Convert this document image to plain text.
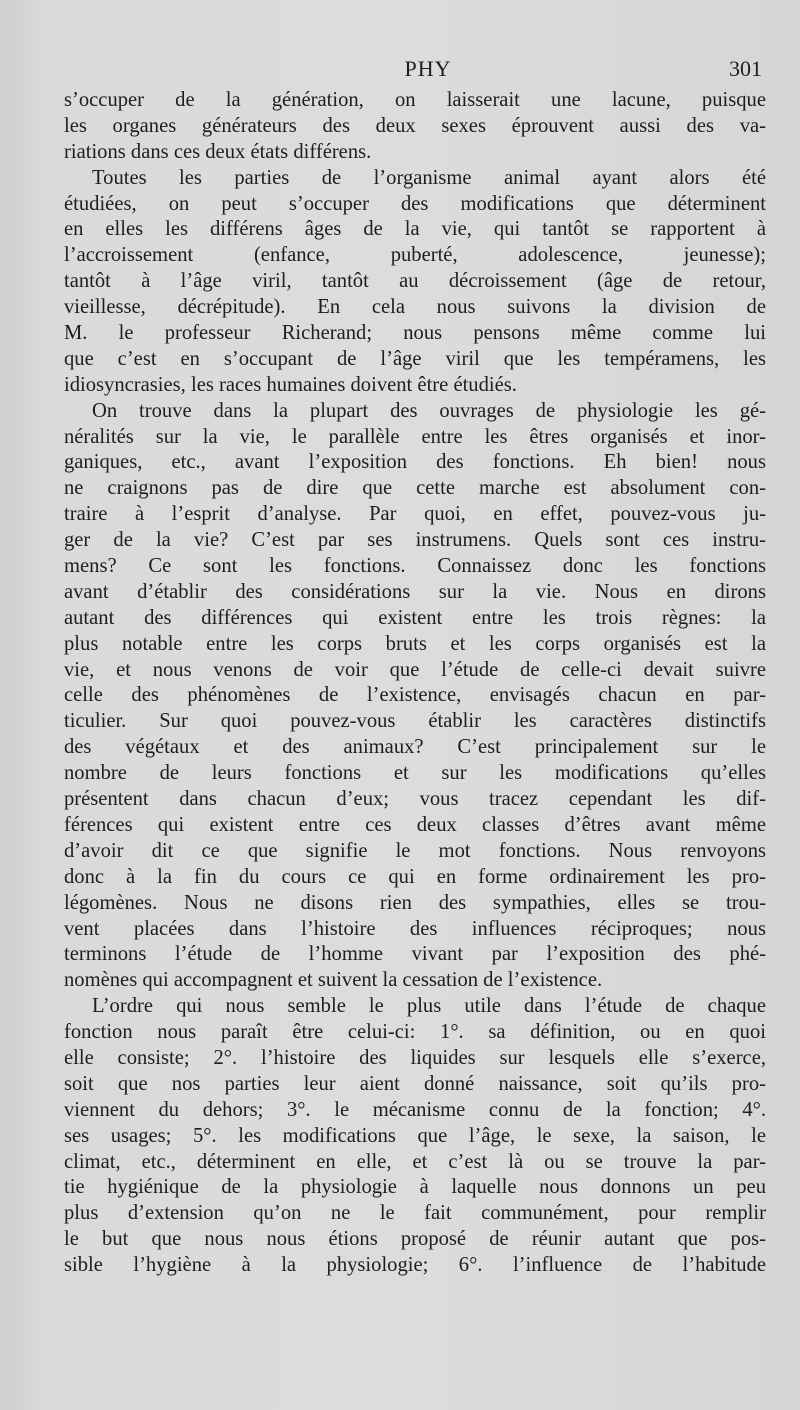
PHY	301
s’occuper de la génération, on laisserait une lacune, puisque
les organes générateurs des deux sexes éprouvent aussi des va-
riations dans ces deux états différens.
Toutes les parties de l’organisme animal ayant alors été
étudiées, on peut s’occuper des modifications que déterminent
en elles les différens âges de la vie, qui tantôt se rapportent à
l’accroissement (enfance, puberté, adolescence, jeunesse);
tantôt à l’âge viril, tantôt au décroissement (âge de retour,
vieillesse, décrépitude). En cela nous suivons la division de
M. le professeur Richerand; nous pensons même comme lui
que c’est en s’occupant de l’âge viril que les tempéramens, les
idiosyncrasies, les races humaines doivent être étudiés.
On trouve dans la plupart des ouvrages de physiologie les gé-
néralités sur la vie, le parallèle entre les êtres organisés et inor-
ganiques, etc., avant l’exposition des fonctions. Eh bien! nous
ne craignons pas de dire que cette marche est absolument con-
traire à l’esprit d’analyse. Par quoi, en effet, pouvez-vous ju-
ger de la vie? C’est par ses instrumens. Quels sont ces instru-
mens? Ce sont les fonctions. Connaissez donc les fonctions
avant d’établir des considérations sur la vie. Nous en dirons
autant des différences qui existent entre les trois règnes: la
plus notable entre les corps bruts et les corps organisés est la
vie, et nous venons de voir que l’étude de celle-ci devait suivre
celle des phénomènes de l’existence, envisagés chacun en par-
ticulier. Sur quoi pouvez-vous établir les caractères distinctifs
des végétaux et des animaux? C’est principalement sur le
nombre de leurs fonctions et sur les modifications qu’elles
présentent dans chacun d’eux; vous tracez cependant les dif-
férences qui existent entre ces deux classes d’êtres avant même
d’avoir dit ce que signifie le mot fonctions. Nous renvoyons
donc à la fin du cours ce qui en forme ordinairement les pro-
légomènes. Nous ne disons rien des sympathies, elles se trou-
vent placées dans l’histoire des influences réciproques; nous
terminons l’étude de l’homme vivant par l’exposition des phé-
nomènes qui accompagnent et suivent la cessation de l’existence.
L’ordre qui nous semble le plus utile dans l’étude de chaque
fonction nous paraît être celui-ci: 1°. sa définition, ou en quoi
elle consiste; 2°. l’histoire des liquides sur lesquels elle s’exerce,
soit que nos parties leur aient donné naissance, soit qu’ils pro-
viennent du dehors; 3°. le mécanisme connu de la fonction; 4°.
ses usages; 5°. les modifications que l’âge, le sexe, la saison, le
climat, etc., déterminent en elle, et c’est là ou se trouve la par-
tie hygiénique de la physiologie à laquelle nous donnons un peu
plus d’extension qu’on ne le fait communément, pour remplir
le but que nous nous étions proposé de réunir autant que pos-
sible l’hygiène à la physiologie; 6°. l’influence de l’habitude
